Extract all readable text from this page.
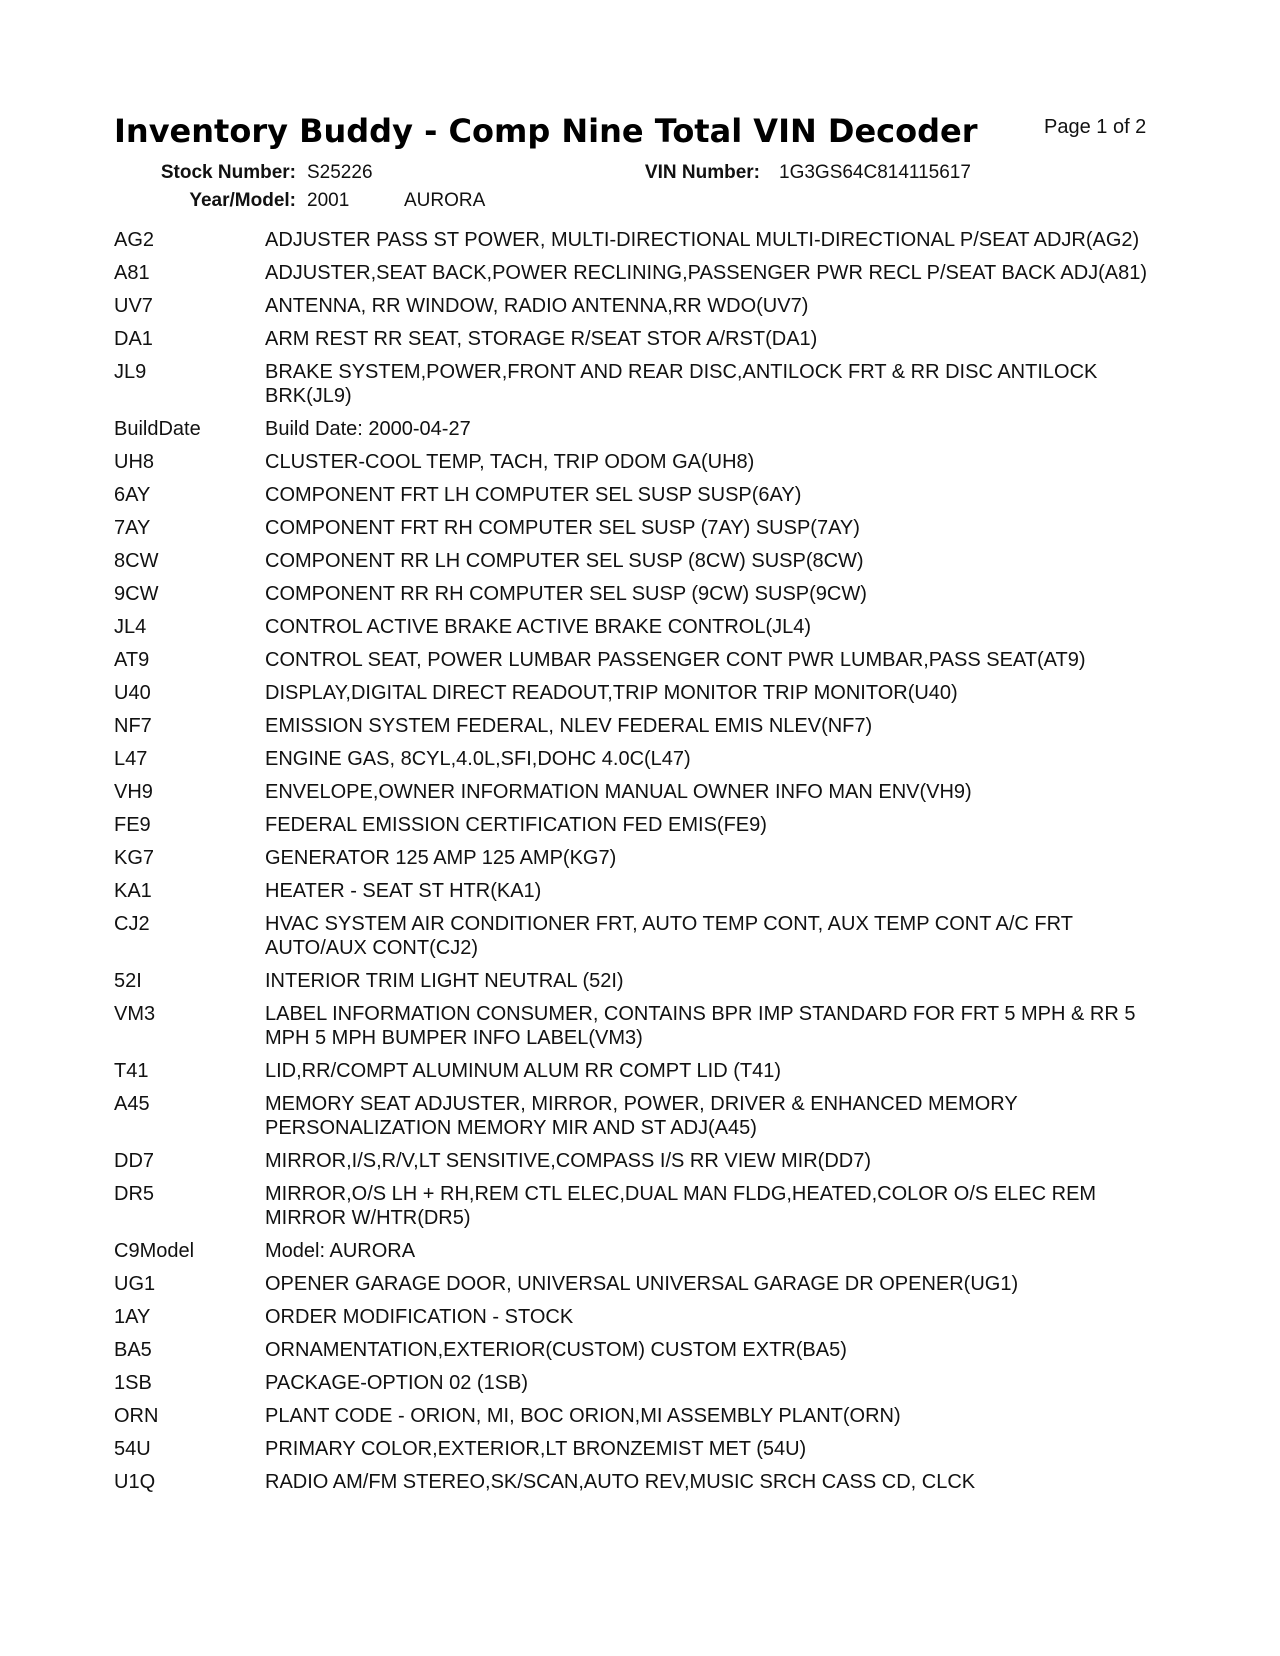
Inventory Buddy - Comp Nine Total VIN Decoder	Page 1 of 2
Stock Number: S25226	VIN Number: 1G3GS64C814115617
Year/Model: 2001	AURORA
AG2	ADJUSTER PASS ST POWER, MULTI-DIRECTIONAL MULTI-DIRECTIONAL P/SEAT ADJR(AG2)
A81	ADJUSTER,SEAT BACK,POWER RECLINING,PASSENGER PWR RECL P/SEAT BACK ADJ(A81)
UV7	ANTENNA, RR WINDOW, RADIO ANTENNA,RR WDO(UV7)
DA1	ARM REST RR SEAT, STORAGE R/SEAT STOR A/RST(DA1)
JL9	BRAKE SYSTEM,POWER,FRONT AND REAR DISC,ANTILOCK FRT & RR DISC ANTILOCK BRK(JL9)
BuildDate	Build Date: 2000-04-27
UH8	CLUSTER-COOL TEMP, TACH, TRIP ODOM GA(UH8)
6AY	COMPONENT FRT LH COMPUTER SEL SUSP SUSP(6AY)
7AY	COMPONENT FRT RH COMPUTER SEL SUSP (7AY) SUSP(7AY)
8CW	COMPONENT RR LH COMPUTER SEL SUSP (8CW) SUSP(8CW)
9CW	COMPONENT RR RH COMPUTER SEL SUSP (9CW) SUSP(9CW)
JL4	CONTROL ACTIVE BRAKE ACTIVE BRAKE CONTROL(JL4)
AT9	CONTROL SEAT, POWER LUMBAR PASSENGER CONT PWR LUMBAR,PASS SEAT(AT9)
U40	DISPLAY,DIGITAL DIRECT READOUT,TRIP MONITOR TRIP MONITOR(U40)
NF7	EMISSION SYSTEM FEDERAL, NLEV FEDERAL EMIS NLEV(NF7)
L47	ENGINE GAS, 8CYL,4.0L,SFI,DOHC 4.0C(L47)
VH9	ENVELOPE,OWNER INFORMATION MANUAL OWNER INFO MAN ENV(VH9)
FE9	FEDERAL EMISSION CERTIFICATION FED EMIS(FE9)
KG7	GENERATOR 125 AMP 125 AMP(KG7)
KA1	HEATER - SEAT ST HTR(KA1)
CJ2	HVAC SYSTEM AIR CONDITIONER FRT, AUTO TEMP CONT, AUX TEMP CONT A/C FRT AUTO/AUX CONT(CJ2)
52I	INTERIOR TRIM LIGHT NEUTRAL (52I)
VM3	LABEL INFORMATION CONSUMER, CONTAINS BPR IMP STANDARD FOR FRT 5 MPH & RR 5 MPH 5 MPH BUMPER INFO LABEL(VM3)
T41	LID,RR/COMPT ALUMINUM ALUM RR COMPT LID (T41)
A45	MEMORY SEAT ADJUSTER, MIRROR, POWER, DRIVER & ENHANCED MEMORY PERSONALIZATION MEMORY MIR AND ST ADJ(A45)
DD7	MIRROR,I/S,R/V,LT SENSITIVE,COMPASS I/S RR VIEW MIR(DD7)
DR5	MIRROR,O/S LH + RH,REM CTL ELEC,DUAL MAN FLDG,HEATED,COLOR O/S ELEC REM MIRROR W/HTR(DR5)
C9Model	Model: AURORA
UG1	OPENER GARAGE DOOR, UNIVERSAL UNIVERSAL GARAGE DR OPENER(UG1)
1AY	ORDER MODIFICATION - STOCK
BA5	ORNAMENTATION,EXTERIOR(CUSTOM) CUSTOM EXTR(BA5)
1SB	PACKAGE-OPTION 02 (1SB)
ORN	PLANT CODE - ORION, MI, BOC ORION,MI ASSEMBLY PLANT(ORN)
54U	PRIMARY COLOR,EXTERIOR,LT BRONZEMIST MET (54U)
U1Q	RADIO AM/FM STEREO,SK/SCAN,AUTO REV,MUSIC SRCH CASS CD, CLCK
